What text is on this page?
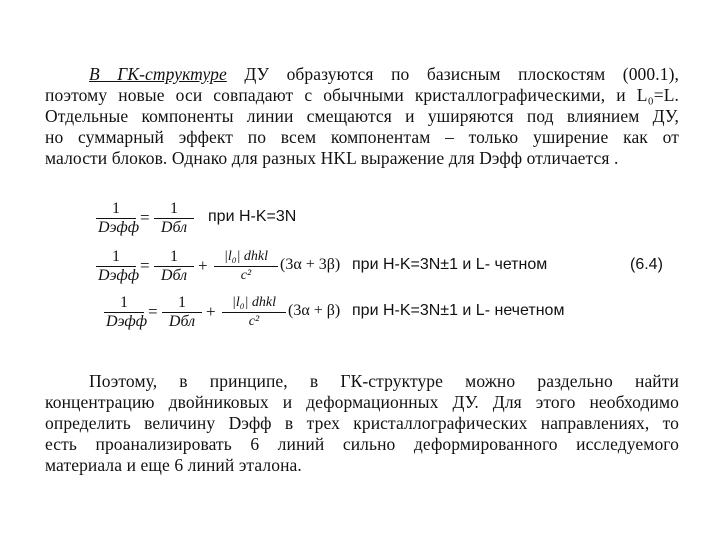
В ГК-структуре ДУ образуются по базисным плоскостям (000.1),
поэтому новые оси совпадают с обычными кристаллографическими, и L₀=L.
Отдельные компоненты линии смещаются и уширяются под влиянием ДУ,
но суммарный эффект по всем компонентам – только уширение как от
малости блоков. Однако для разных HKL выражение для Dэфф отличается .
1
Dэфф
=	1
Dбл
при H-K=3N
1
Dэфф
=	1
Dбл
+	|l₀| dhkl
c²
(3α + 3β) при H-K=3N±1 и L- четном	(6.4)
1
Dэфф
=	1
Dбл
+	|l₀| dhkl
c²
(3α + β) при H-K=3N±1 и L- нечетном
Поэтому, в принципе, в ГК-структуре можно раздельно найти
концентрацию двойниковых и деформационных ДУ. Для этого необходимо
определить величину Dэфф в трех кристаллографических направлениях, то
есть проанализировать 6 линий сильно деформированного исследуемого
материала и еще 6 линий эталона.
